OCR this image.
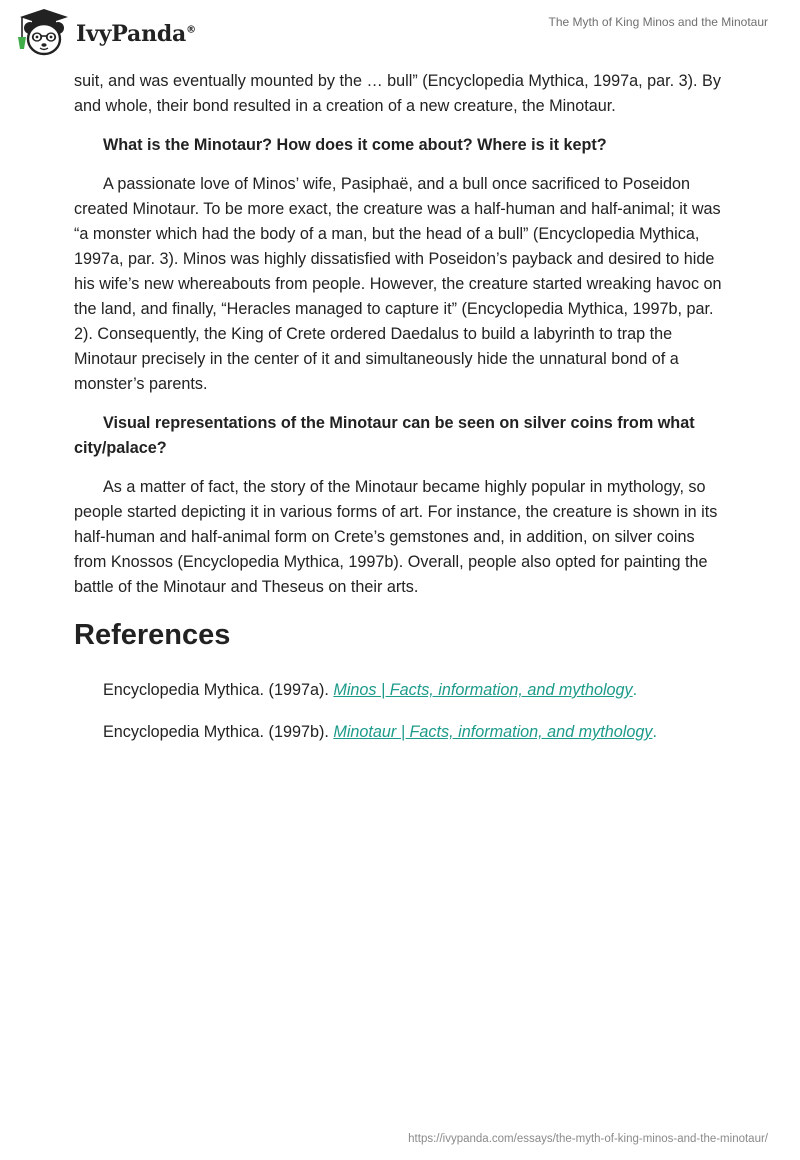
IvyPanda®
The Myth of King Minos and the Minotaur

suit, and was eventually mounted by the … bull” (Encyclopedia Mythica, 1997a, par. 3). By and whole, their bond resulted in a creation of a new creature, the Minotaur.

What is the Minotaur? How does it come about? Where is it kept?

A passionate love of Minos’ wife, Pasiphaë, and a bull once sacrificed to Poseidon created Minotaur. To be more exact, the creature was a half-human and half-animal; it was “a monster which had the body of a man, but the head of a bull” (Encyclopedia Mythica, 1997a, par. 3). Minos was highly dissatisfied with Poseidon’s payback and desired to hide his wife’s new whereabouts from people. However, the creature started wreaking havoc on the land, and finally, “Heracles managed to capture it” (Encyclopedia Mythica, 1997b, par. 2). Consequently, the King of Crete ordered Daedalus to build a labyrinth to trap the Minotaur precisely in the center of it and simultaneously hide the unnatural bond of a monster’s parents.

Visual representations of the Minotaur can be seen on silver coins from what city/palace?

As a matter of fact, the story of the Minotaur became highly popular in mythology, so people started depicting it in various forms of art. For instance, the creature is shown in its half-human and half-animal form on Crete’s gemstones and, in addition, on silver coins from Knossos (Encyclopedia Mythica, 1997b). Overall, people also opted for painting the battle of the Minotaur and Theseus on their arts.

References
Encyclopedia Mythica. (1997a). Minos | Facts, information, and mythology.
Encyclopedia Mythica. (1997b). Minotaur | Facts, information, and mythology.
https://ivypanda.com/essays/the-myth-of-king-minos-and-the-minotaur/
